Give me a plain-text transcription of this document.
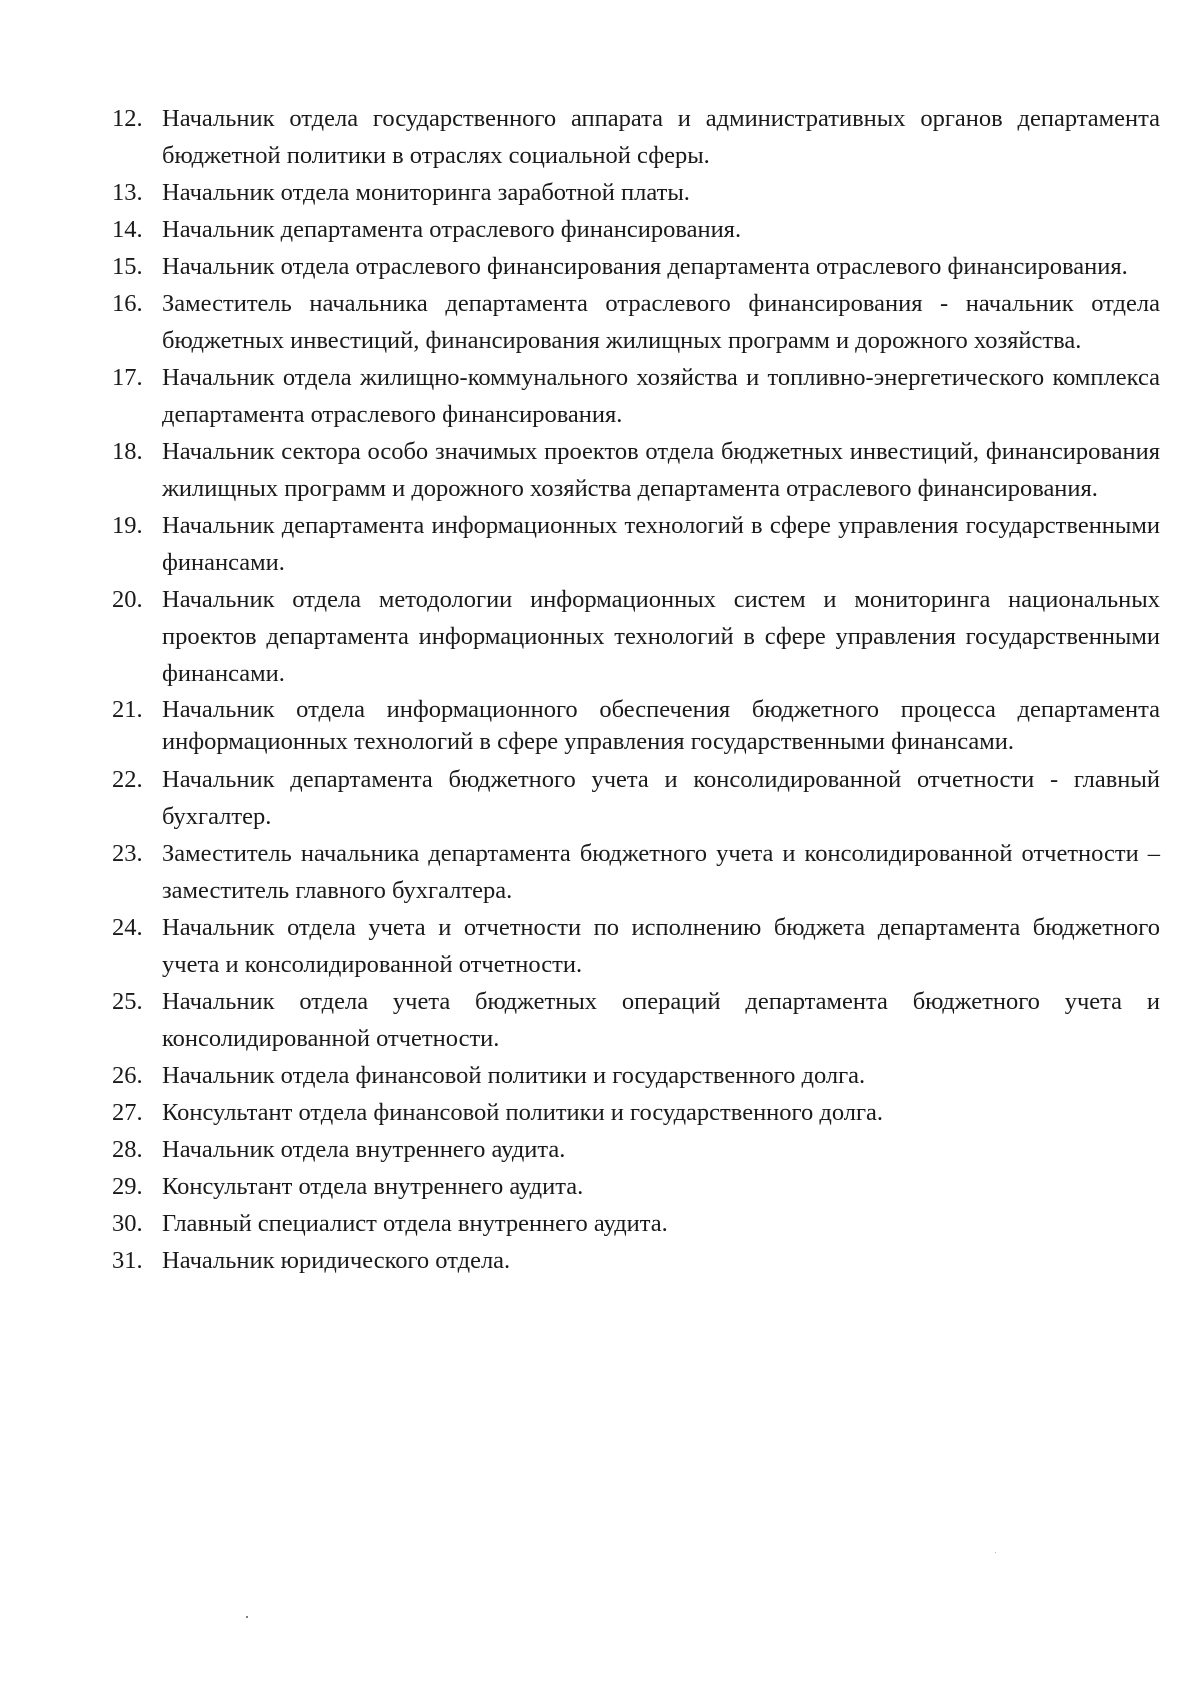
12. Начальник отдела государственного аппарата и административных органов департамента бюджетной политики в отраслях социальной сферы.
13. Начальник отдела мониторинга заработной платы.
14. Начальник департамента отраслевого финансирования.
15. Начальник отдела отраслевого финансирования департамента отраслевого финансирования.
16. Заместитель начальника департамента отраслевого финансирования - начальник отдела бюджетных инвестиций, финансирования жилищных программ и дорожного хозяйства.
17. Начальник отдела жилищно-коммунального хозяйства и топливно-энергетического комплекса департамента отраслевого финансирования.
18. Начальник сектора особо значимых проектов отдела бюджетных инвестиций, финансирования жилищных программ и дорожного хозяйства департамента отраслевого финансирования.
19. Начальник департамента информационных технологий в сфере управления государственными финансами.
20. Начальник отдела методологии информационных систем и мониторинга национальных проектов департамента информационных технологий в сфере управления государственными финансами.
21. Начальник отдела информационного обеспечения бюджетного процесса департамента информационных технологий в сфере управления государственными финансами.
22. Начальник департамента бюджетного учета и консолидированной отчетности - главный бухгалтер.
23. Заместитель начальника департамента бюджетного учета и консолидированной отчетности – заместитель главного бухгалтера.
24. Начальник отдела учета и отчетности по исполнению бюджета департамента бюджетного учета и консолидированной отчетности.
25. Начальник отдела учета бюджетных операций департамента бюджетного учета и консолидированной отчетности.
26. Начальник отдела финансовой политики и государственного долга.
27. Консультант отдела финансовой политики и государственного долга.
28. Начальник отдела внутреннего аудита.
29. Консультант отдела внутреннего аудита.
30. Главный специалист отдела внутреннего аудита.
31. Начальник юридического отдела.
